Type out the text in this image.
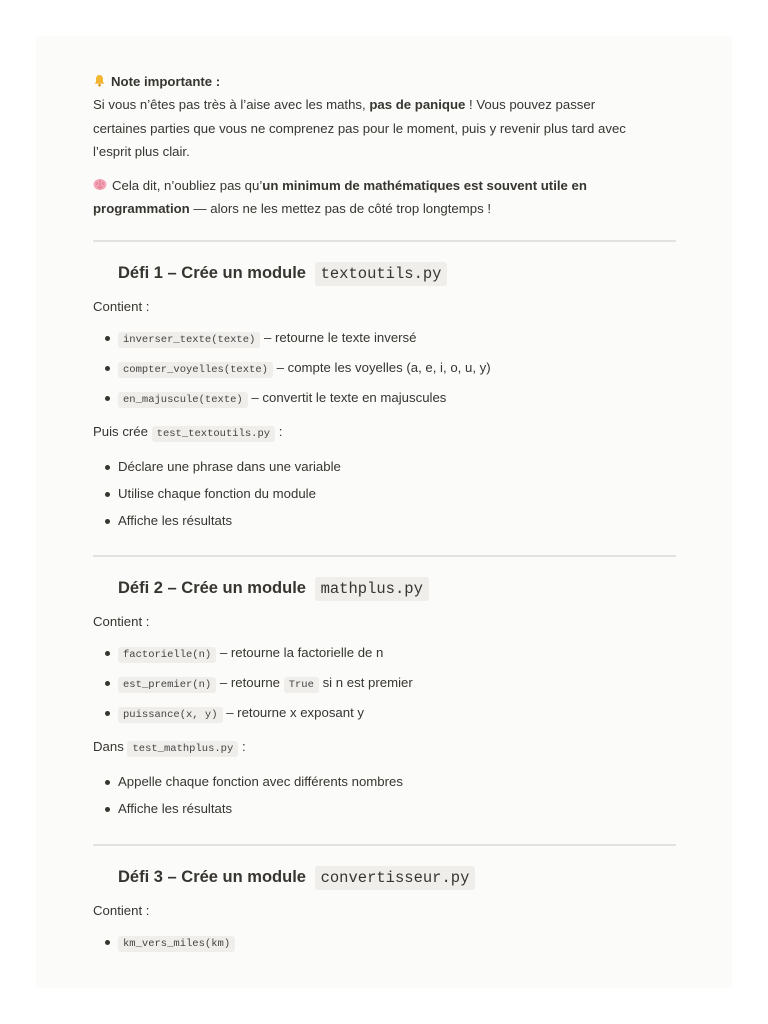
Note importante :

Si vous n’êtes pas très à l’aise avec les maths, pas de panique ! Vous pouvez passer
certaines parties que vous ne comprenez pas pour le moment, puis y revenir plus tard avec
l’esprit plus clair.

Cela dit, n’oubliez pas qu’un minimum de mathématiques est souvent utile en
programmation — alors ne les mettez pas de côté trop longtemps !

Défi 1 – Crée un module textoutils.py

Contient :

inverser_texte(texte) – retourne le texte inversé
compter_voyelles(texte) – compte les voyelles (a, e, i, o, u, y)
en_majuscule(texte) – convertit le texte en majuscules

Puis crée test_textoutils.py :

Déclare une phrase dans une variable
Utilise chaque fonction du module
Affiche les résultats
Défi 2 – Crée un module mathplus.py

Contient :

factorielle(n) – retourne la factorielle de n
est_premier(n) – retourne True si n est premier
puissance(x, y) – retourne x exposant y

Dans test_mathplus.py :

Appelle chaque fonction avec différents nombres
Affiche les résultats
Défi 3 – Crée un module convertisseur.py

Contient :

km_vers_miles(km)
